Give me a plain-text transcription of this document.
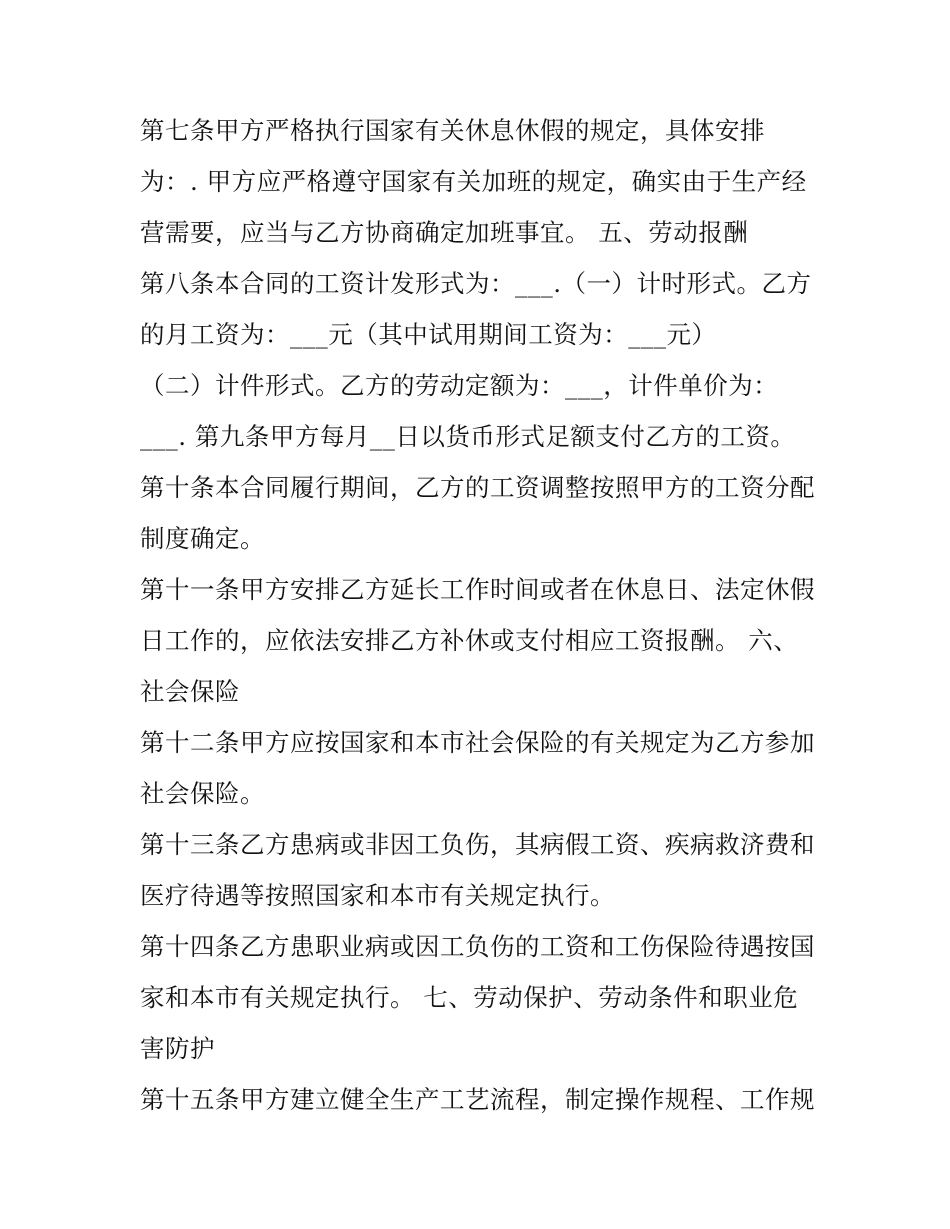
第七条甲方严格执行国家有关休息休假的规定，具体安排
为：. 甲方应严格遵守国家有关加班的规定，确实由于生产经
营需要，应当与乙方协商确定加班事宜。 五、劳动报酬
第八条本合同的工资计发形式为：___.（一）计时形式。乙方
的月工资为：___元（其中试用期间工资为：___元）
（二）计件形式。乙方的劳动定额为：___，计件单价为：
___. 第九条甲方每月__日以货币形式足额支付乙方的工资。
第十条本合同履行期间，乙方的工资调整按照甲方的工资分配
制度确定。
第十一条甲方安排乙方延长工作时间或者在休息日、法定休假
日工作的，应依法安排乙方补休或支付相应工资报酬。 六、
社会保险
第十二条甲方应按国家和本市社会保险的有关规定为乙方参加
社会保险。
第十三条乙方患病或非因工负伤，其病假工资、疾病救济费和
医疗待遇等按照国家和本市有关规定执行。
第十四条乙方患职业病或因工负伤的工资和工伤保险待遇按国
家和本市有关规定执行。 七、劳动保护、劳动条件和职业危
害防护
第十五条甲方建立健全生产工艺流程，制定操作规程、工作规
